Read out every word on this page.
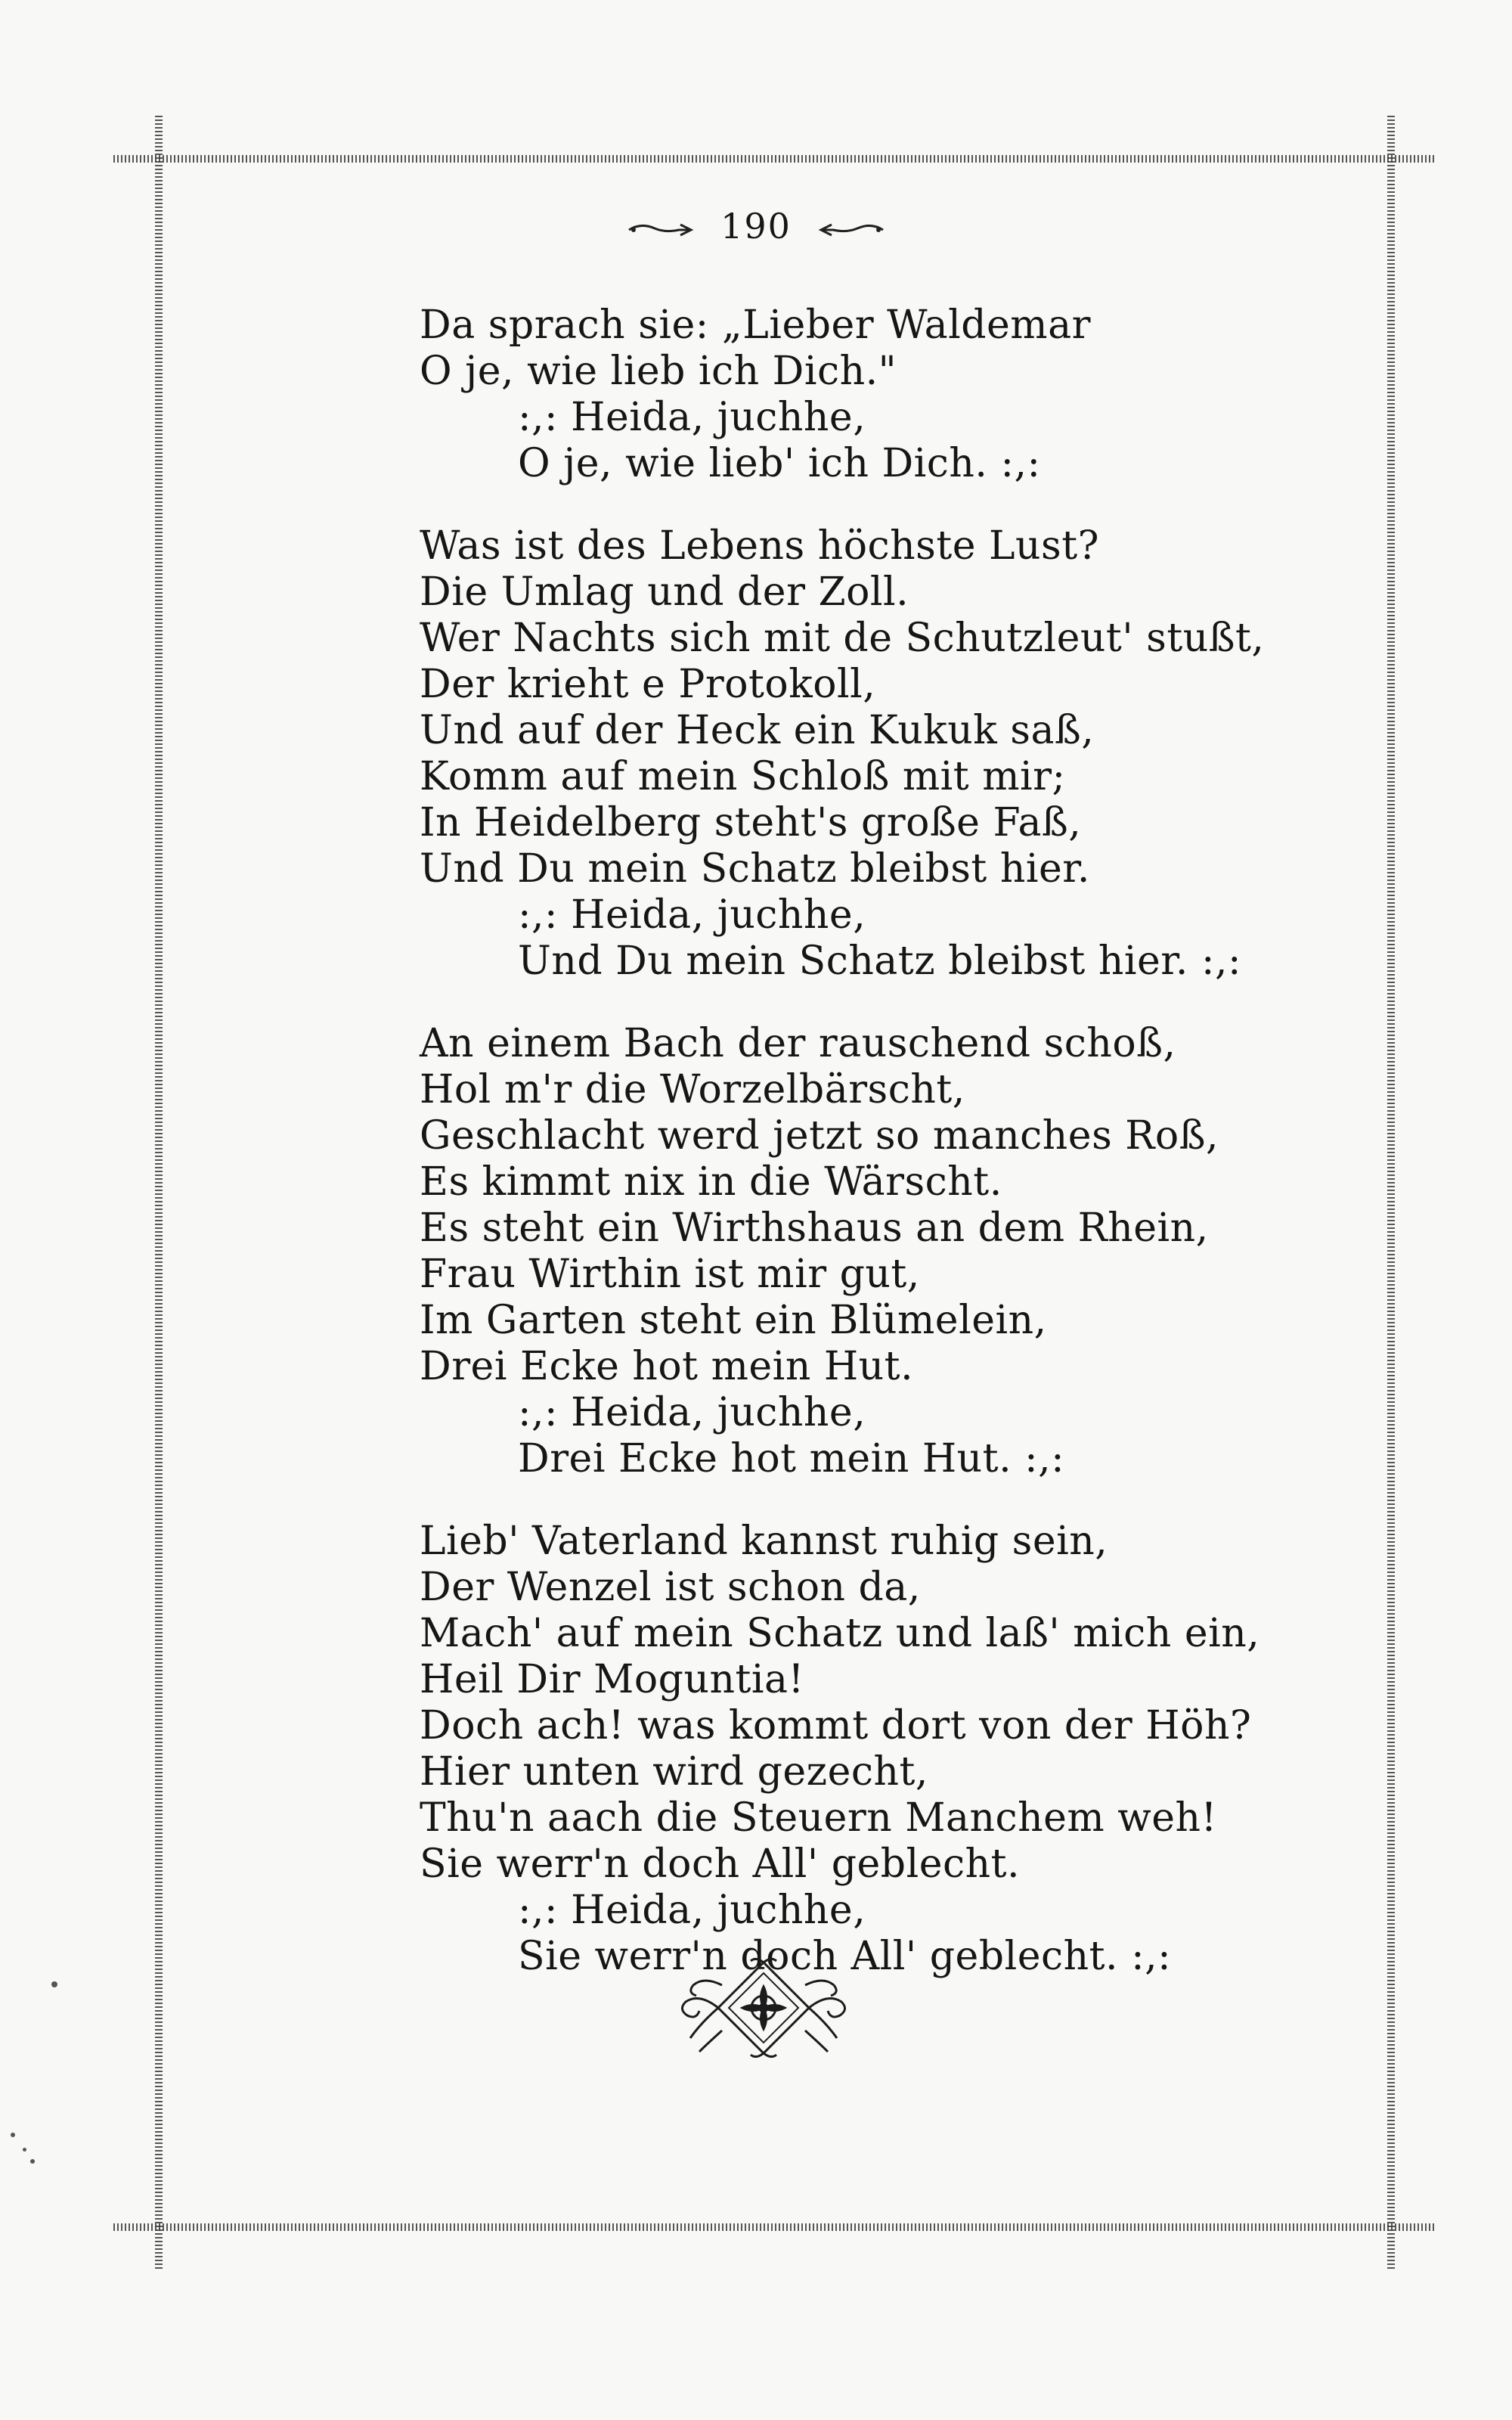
190
Da sprach sie: „Lieber Waldemar
O je, wie lieb ich Dich."
:,: Heida, juchhe,
O je, wie lieb' ich Dich. :,:
Was ist des Lebens höchste Lust?
Die Umlag und der Zoll.
Wer Nachts sich mit de Schutzleut' stußt,
Der krieht e Protokoll,
Und auf der Heck ein Kukuk saß,
Komm auf mein Schloß mit mir;
In Heidelberg steht's große Faß,
Und Du mein Schatz bleibst hier.
:,: Heida, juchhe,
Und Du mein Schatz bleibst hier. :,:
An einem Bach der rauschend schoß,
Hol m'r die Worzelbärscht,
Geschlacht werd jetzt so manches Roß,
Es kimmt nix in die Wärscht.
Es steht ein Wirthshaus an dem Rhein,
Frau Wirthin ist mir gut,
Im Garten steht ein Blümelein,
Drei Ecke hot mein Hut.
:,: Heida, juchhe,
Drei Ecke hot mein Hut. :,:
Lieb' Vaterland kannst ruhig sein,
Der Wenzel ist schon da,
Mach' auf mein Schatz und laß' mich ein,
Heil Dir Moguntia!
Doch ach! was kommt dort von der Höh?
Hier unten wird gezecht,
Thu'n aach die Steuern Manchem weh!
Sie werr'n doch All' geblecht.
:,: Heida, juchhe,
Sie werr'n doch All' geblecht. :,:
